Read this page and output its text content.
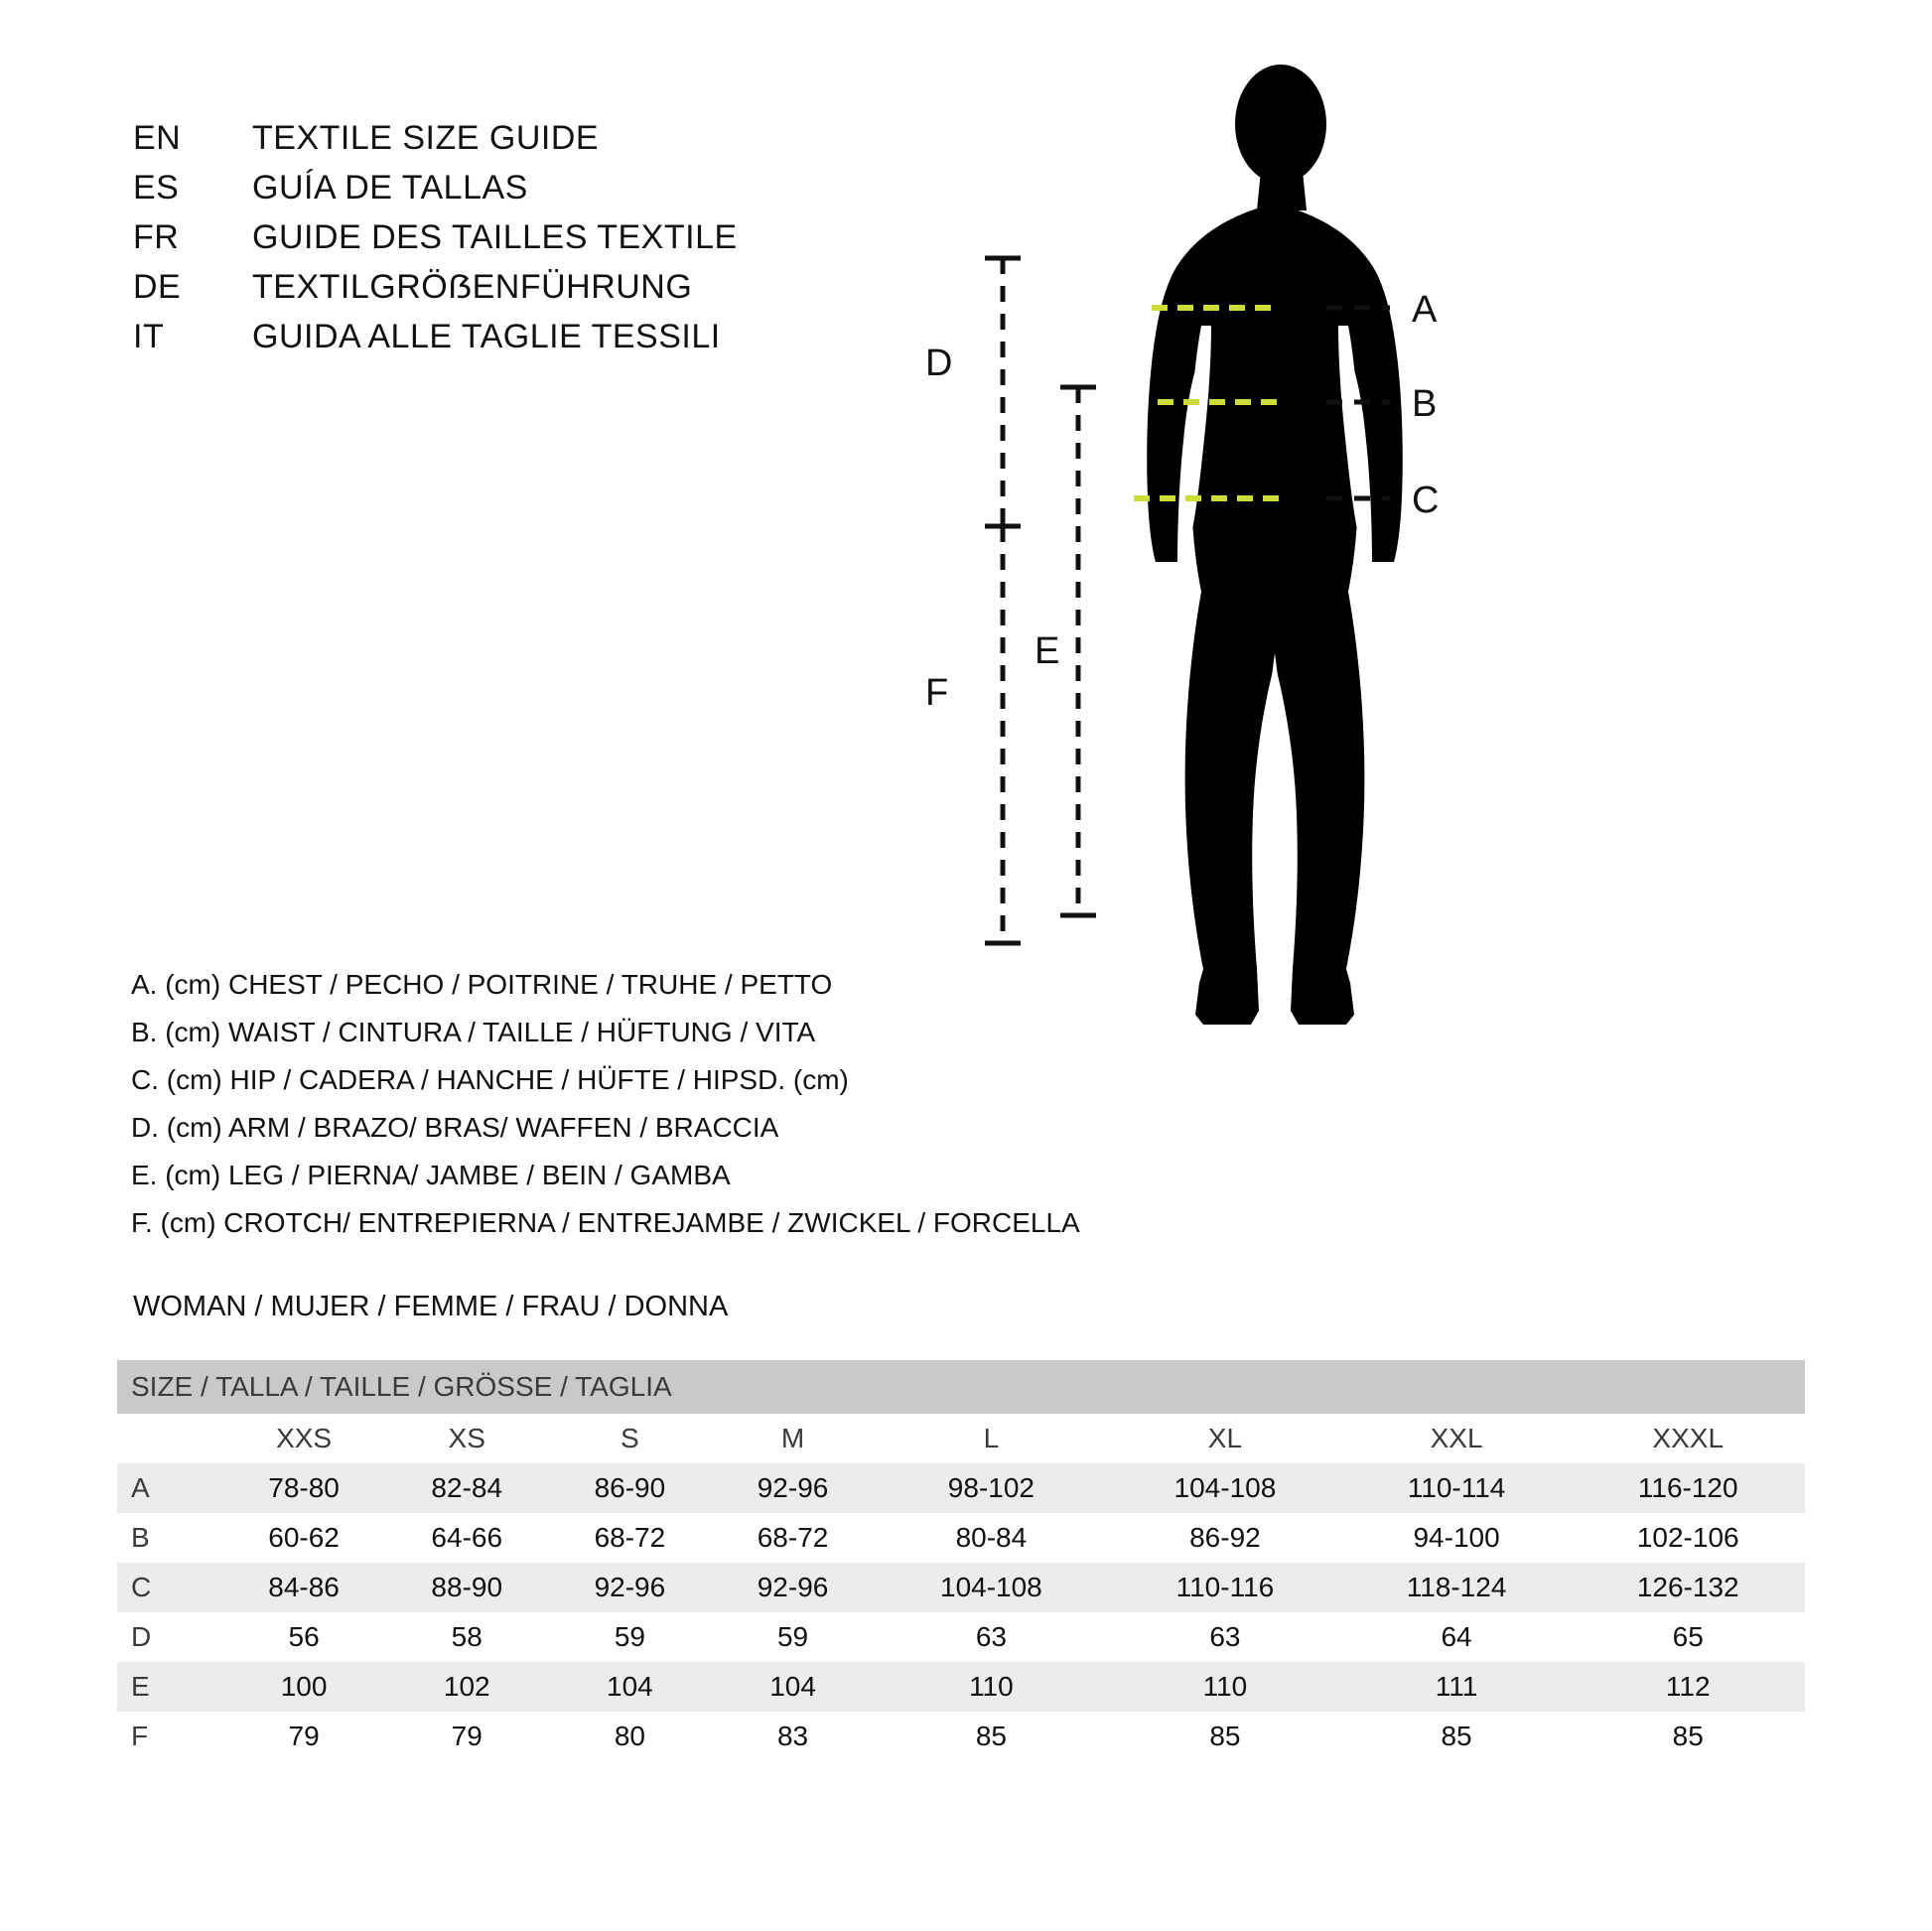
EN	TEXTILE SIZE GUIDE
ES	GUÍA DE TALLAS
FR	GUIDE DES TAILLES TEXTILE
DE	TEXTILGRÖẞENFÜHRUNG
IT	GUIDA ALLE TAGLIE TESSILI
A. (cm) CHEST / PECHO / POITRINE / TRUHE / PETTO
B. (cm) WAIST / CINTURA / TAILLE / HÜFTUNG / VITA
C. (cm) HIP / CADERA / HANCHE / HÜFTE / HIPSD. (cm)
D. (cm) ARM / BRAZO/ BRAS/ WAFFEN / BRACCIA
E. (cm) LEG / PIERNA/ JAMBE / BEIN / GAMBA
F. (cm) CROTCH/ ENTREPIERNA / ENTREJAMBE / ZWICKEL / FORCELLA
WOMAN / MUJER / FEMME / FRAU / DONNA
A
B
C
D
F
E
SIZE / TALLA / TAILLE / GRÖSSE / TAGLIA								
	XXS	XS	S	M	L	XL	XXL	XXXL
A	78-80	82-84	86-90	92-96	98-102	104-108	110-114	116-120
B	60-62	64-66	68-72	68-72	80-84	86-92	94-100	102-106
C	84-86	88-90	92-96	92-96	104-108	110-116	118-124	126-132
D	56	58	59	59	63	63	64	65
E	100	102	104	104	110	110	111	112
F	79	79	80	83	85	85	85	85
